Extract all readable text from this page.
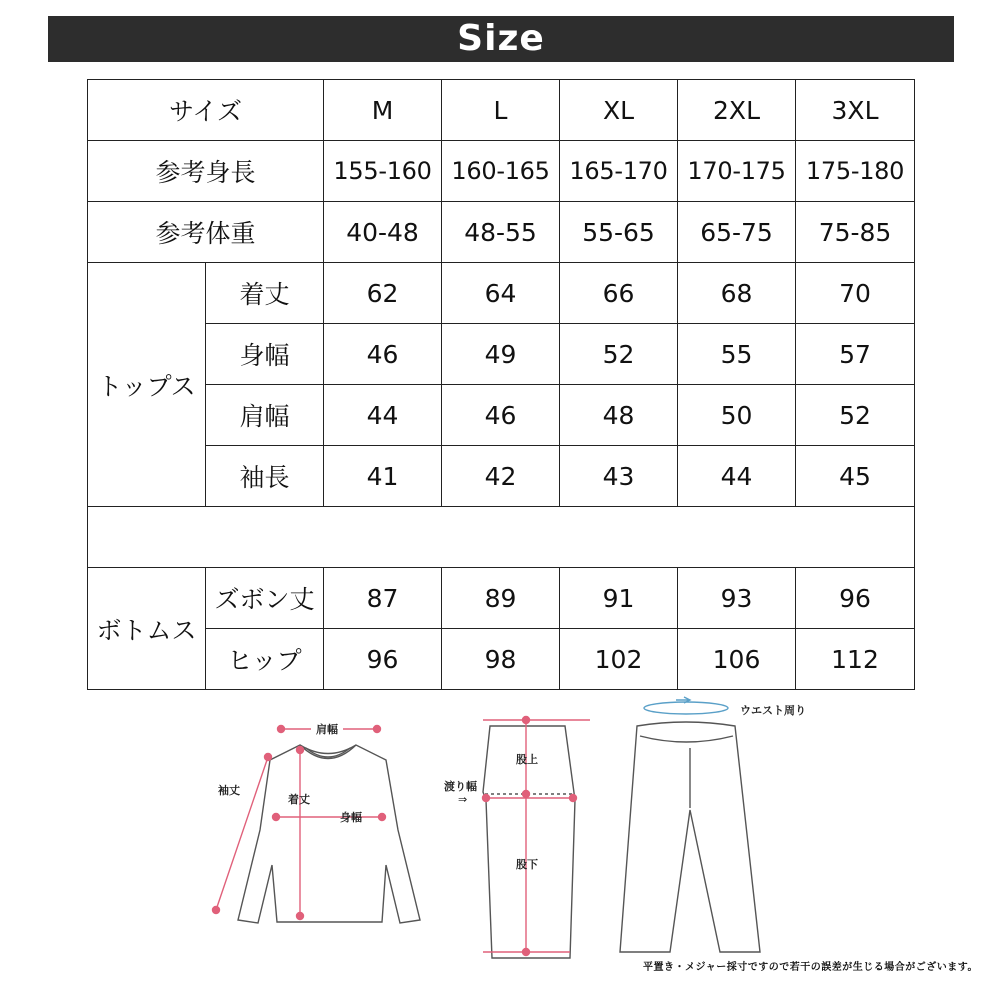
Size
サイズ		M	L	XL	2XL	3XL
参考身長		155-160	160-165	165-170	170-175	175-180
参考体重		40-48	48-55	55-65	65-75	75-85
トップス	着丈	62	64	66	68	70
	身幅	46	49	52	55	57
	肩幅	44	46	48	50	52
	袖長	41	42	43	44	45

ボトムス	ズボン丈	87	89	91	93	96
	ヒップ	96	98	102	106	112
肩幅
袖丈
着丈
身幅
股上
渡り幅
⇒
股下
ウエスト周り
平置き・メジャー採寸ですので若干の誤差が生じる場合がございます。
